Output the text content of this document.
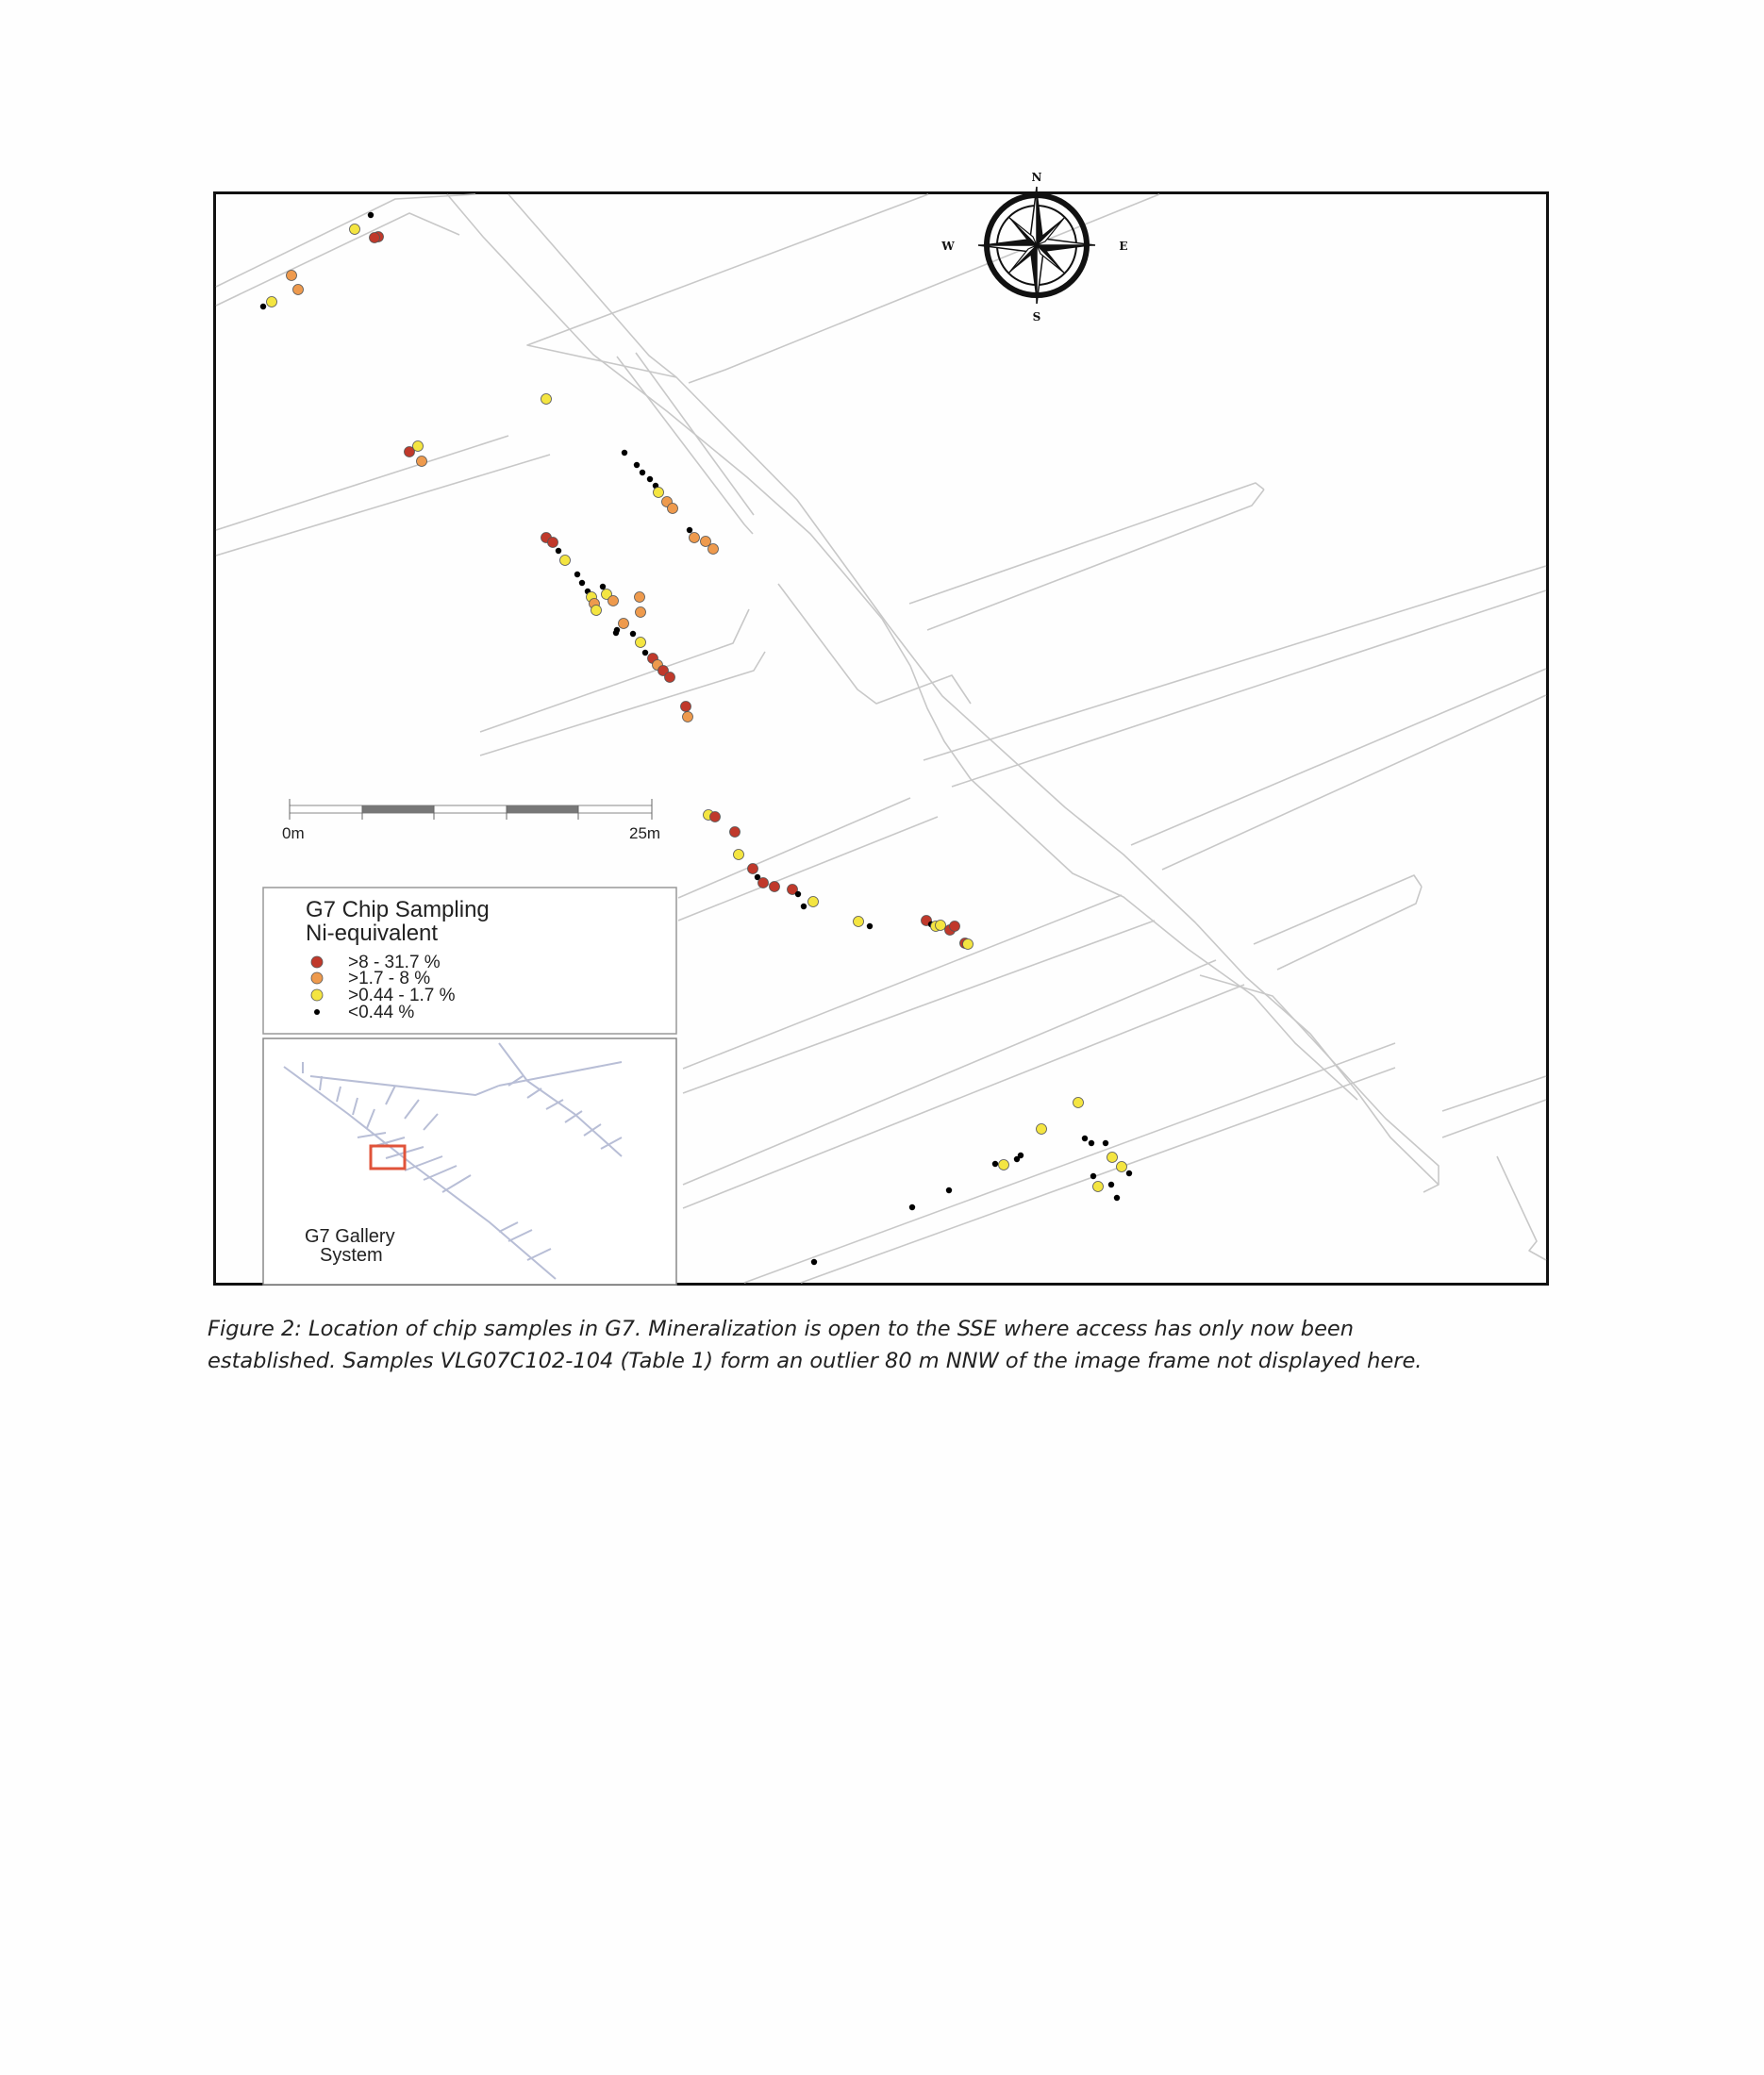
N
S
E
W
0m	25m
G7 Chip Sampling
Ni-equivalent
>8 - 31.7 %
>1.7 - 8 %
>0.44 - 1.7 %
<0.44 %
G7 Gallery
System
Figure 2: Location of chip samples in G7. Mineralization is open to the SSE where access has only now been
established. Samples VLG07C102-104 (Table 1) form an outlier 80 m NNW of the image frame not displayed here.
